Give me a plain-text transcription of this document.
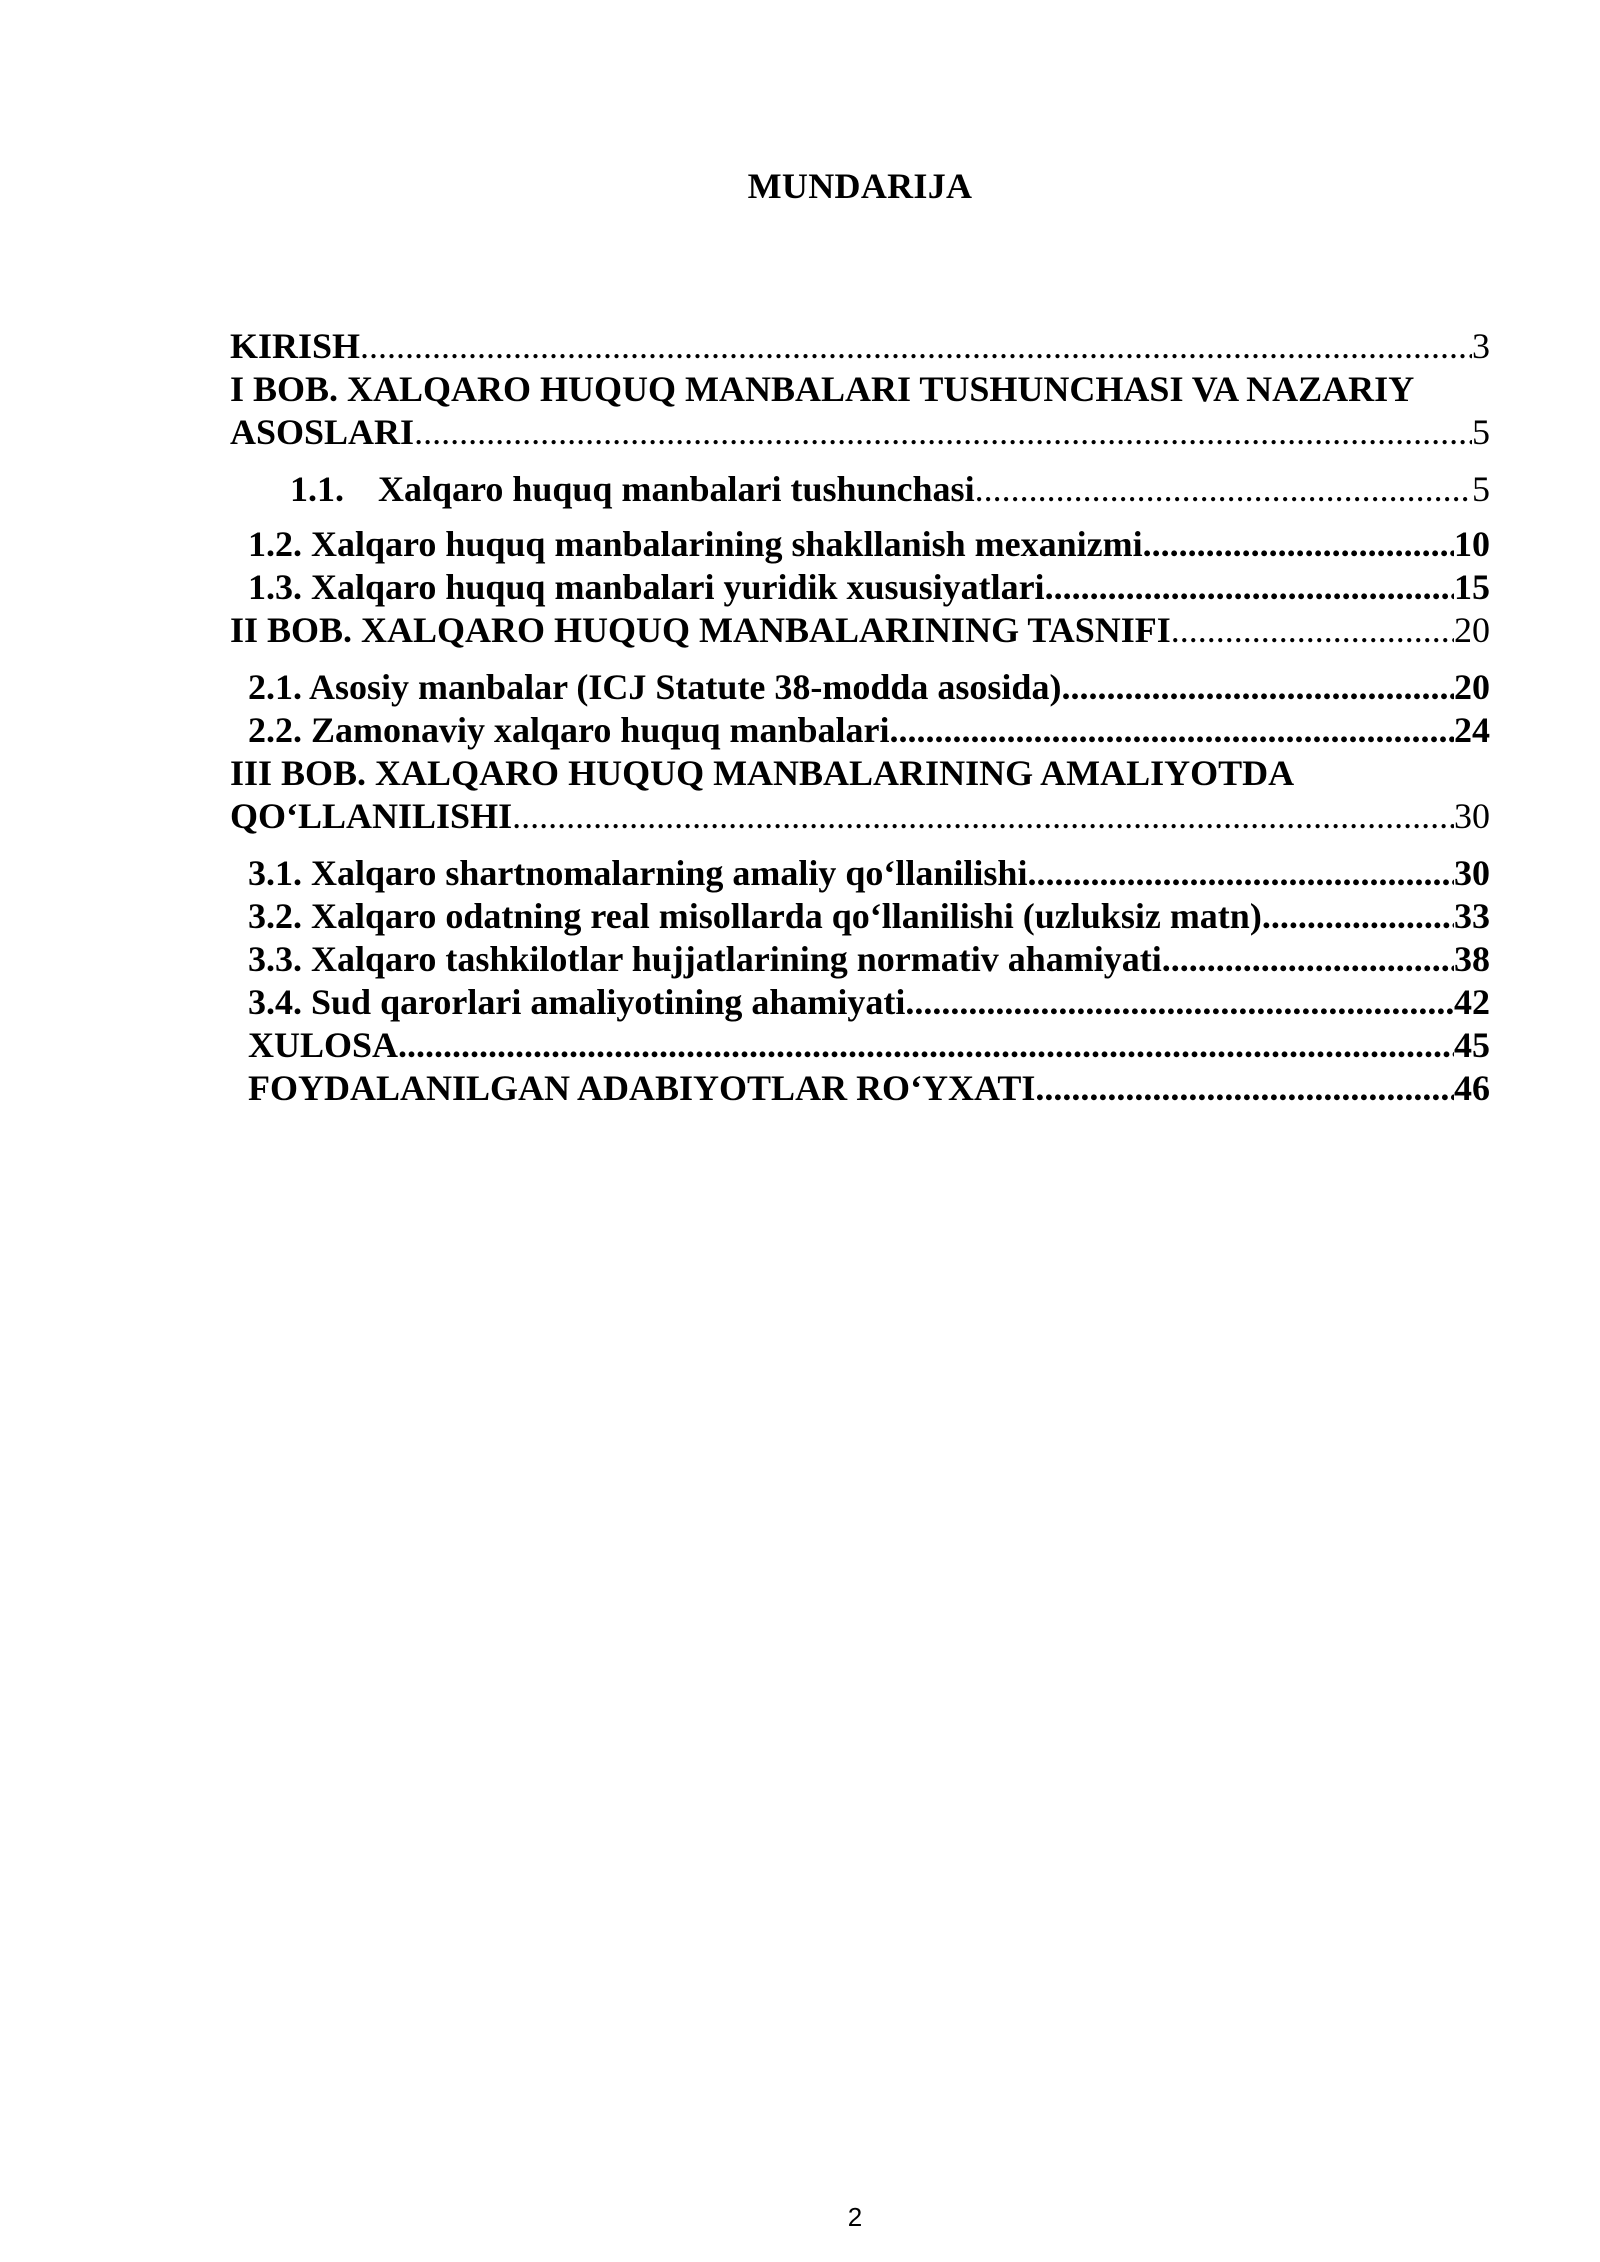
MUNDARIJA
KIRISH .....	3
I BOB. XALQARO HUQUQ MANBALARI TUSHUNCHASI VA NAZARIY
ASOSLARI .....	5
1.1. Xalqaro huquq manbalari tushunchasi .....	5
1.2. Xalqaro huquq manbalarining shakllanish mexanizmi .....	10
1.3. Xalqaro huquq manbalari yuridik xususiyatlari .....	15
II BOB. XALQARO HUQUQ MANBALARINING TASNIFI .....	20
2.1. Asosiy manbalar (ICJ Statute 38-modda asosida) .....	20
2.2. Zamonaviy xalqaro huquq manbalari .....	24
III BOB. XALQARO HUQUQ MANBALARINING AMALIYOTDA
QO‘LLANILISHI .....	30
3.1. Xalqaro shartnomalarning amaliy qo‘llanilishi .....	30
3.2. Xalqaro odatning real misollarda qo‘llanilishi (uzluksiz matn) .....	33
3.3. Xalqaro tashkilotlar hujjatlarining normativ ahamiyati .....	38
3.4. Sud qarorlari amaliyotining ahamiyati .....	42
XULOSA .....	45
FOYDALANILGAN ADABIYOTLAR RO‘YXATI .....	46
2
